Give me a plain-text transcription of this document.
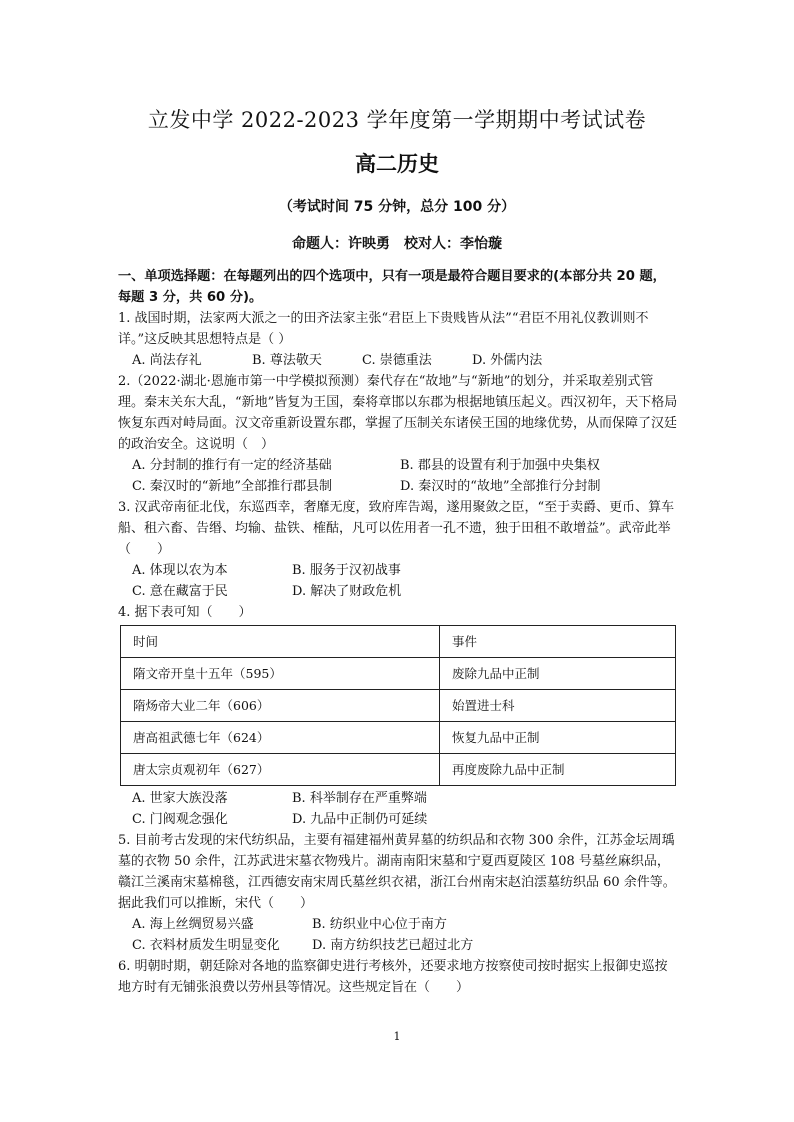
立发中学 2022-2023 学年度第一学期期中考试试卷
高二历史
（考试时间 75 分钟，总分 100 分）
命题人：许映勇　校对人：李怡璇

一、单项选择题：在每题列出的四个选项中，只有一项是最符合题目要求的(本部分共 20 题，每题 3 分，共 60 分)。

1. 战国时期，法家两大派之一的田齐法家主张“君臣上下贵贱皆从法”“君臣不用礼仪教训则不详。”这反映其思想特点是（ ）

A. 尚法存礼	B. 尊法敬天	C. 崇德重法	D. 外儒内法

2.（2022·湖北·恩施市第一中学模拟预测）秦代存在“故地”与“新地”的划分，并采取差别式管理。秦末关东大乱，“新地”皆复为王国，秦将章邯以东郡为根据地镇压起义。西汉初年，天下格局恢复东西对峙局面。汉文帝重新设置东郡，掌握了压制关东诸侯王国的地缘优势，从而保障了汉廷的政治安全。这说明（　）

A. 分封制的推行有一定的经济基础	B. 郡县的设置有利于加强中央集权
C. 秦汉时的“新地”全部推行郡县制	D. 秦汉时的“故地”全部推行分封制

3. 汉武帝南征北伐，东巡西幸，奢靡无度，致府库告竭，遂用聚敛之臣，“至于卖爵、更币、算车船、租六畜、告缗、均输、盐铁、榷酤，凡可以佐用者一孔不遗，独于田租不敢增益”。武帝此举（　　）

A. 体现以农为本	B. 服务于汉初战事
C. 意在藏富于民	D. 解决了财政危机

4. 据下表可知（　　）

时间	事件
隋文帝开皇十五年（595）	废除九品中正制
隋炀帝大业二年（606）	始置进士科
唐高祖武德七年（624）	恢复九品中正制
唐太宗贞观初年（627）	再度废除九品中正制
A. 世家大族没落	B. 科举制存在严重弊端
C. 门阀观念强化	D. 九品中正制仍可延续

5. 目前考古发现的宋代纺织品，主要有福建福州黄昇墓的纺织品和衣物 300 余件，江苏金坛周瑀墓的衣物 50 余件，江苏武进宋墓衣物残片。湖南南阳宋墓和宁夏西夏陵区 108 号墓丝麻织品，赣江兰溪南宋墓棉毯，江西德安南宋周氏墓丝织衣裙，浙江台州南宋赵泊澐墓纺织品 60 余件等。据此我们可以推断，宋代（　　）

A. 海上丝绸贸易兴盛	B. 纺织业中心位于南方
C. 衣料材质发生明显变化	D. 南方纺织技艺已超过北方

6. 明朝时期，朝廷除对各地的监察御史进行考核外，还要求地方按察使司按时据实上报御史巡按地方时有无铺张浪费以劳州县等情况。这些规定旨在（　　）

1
